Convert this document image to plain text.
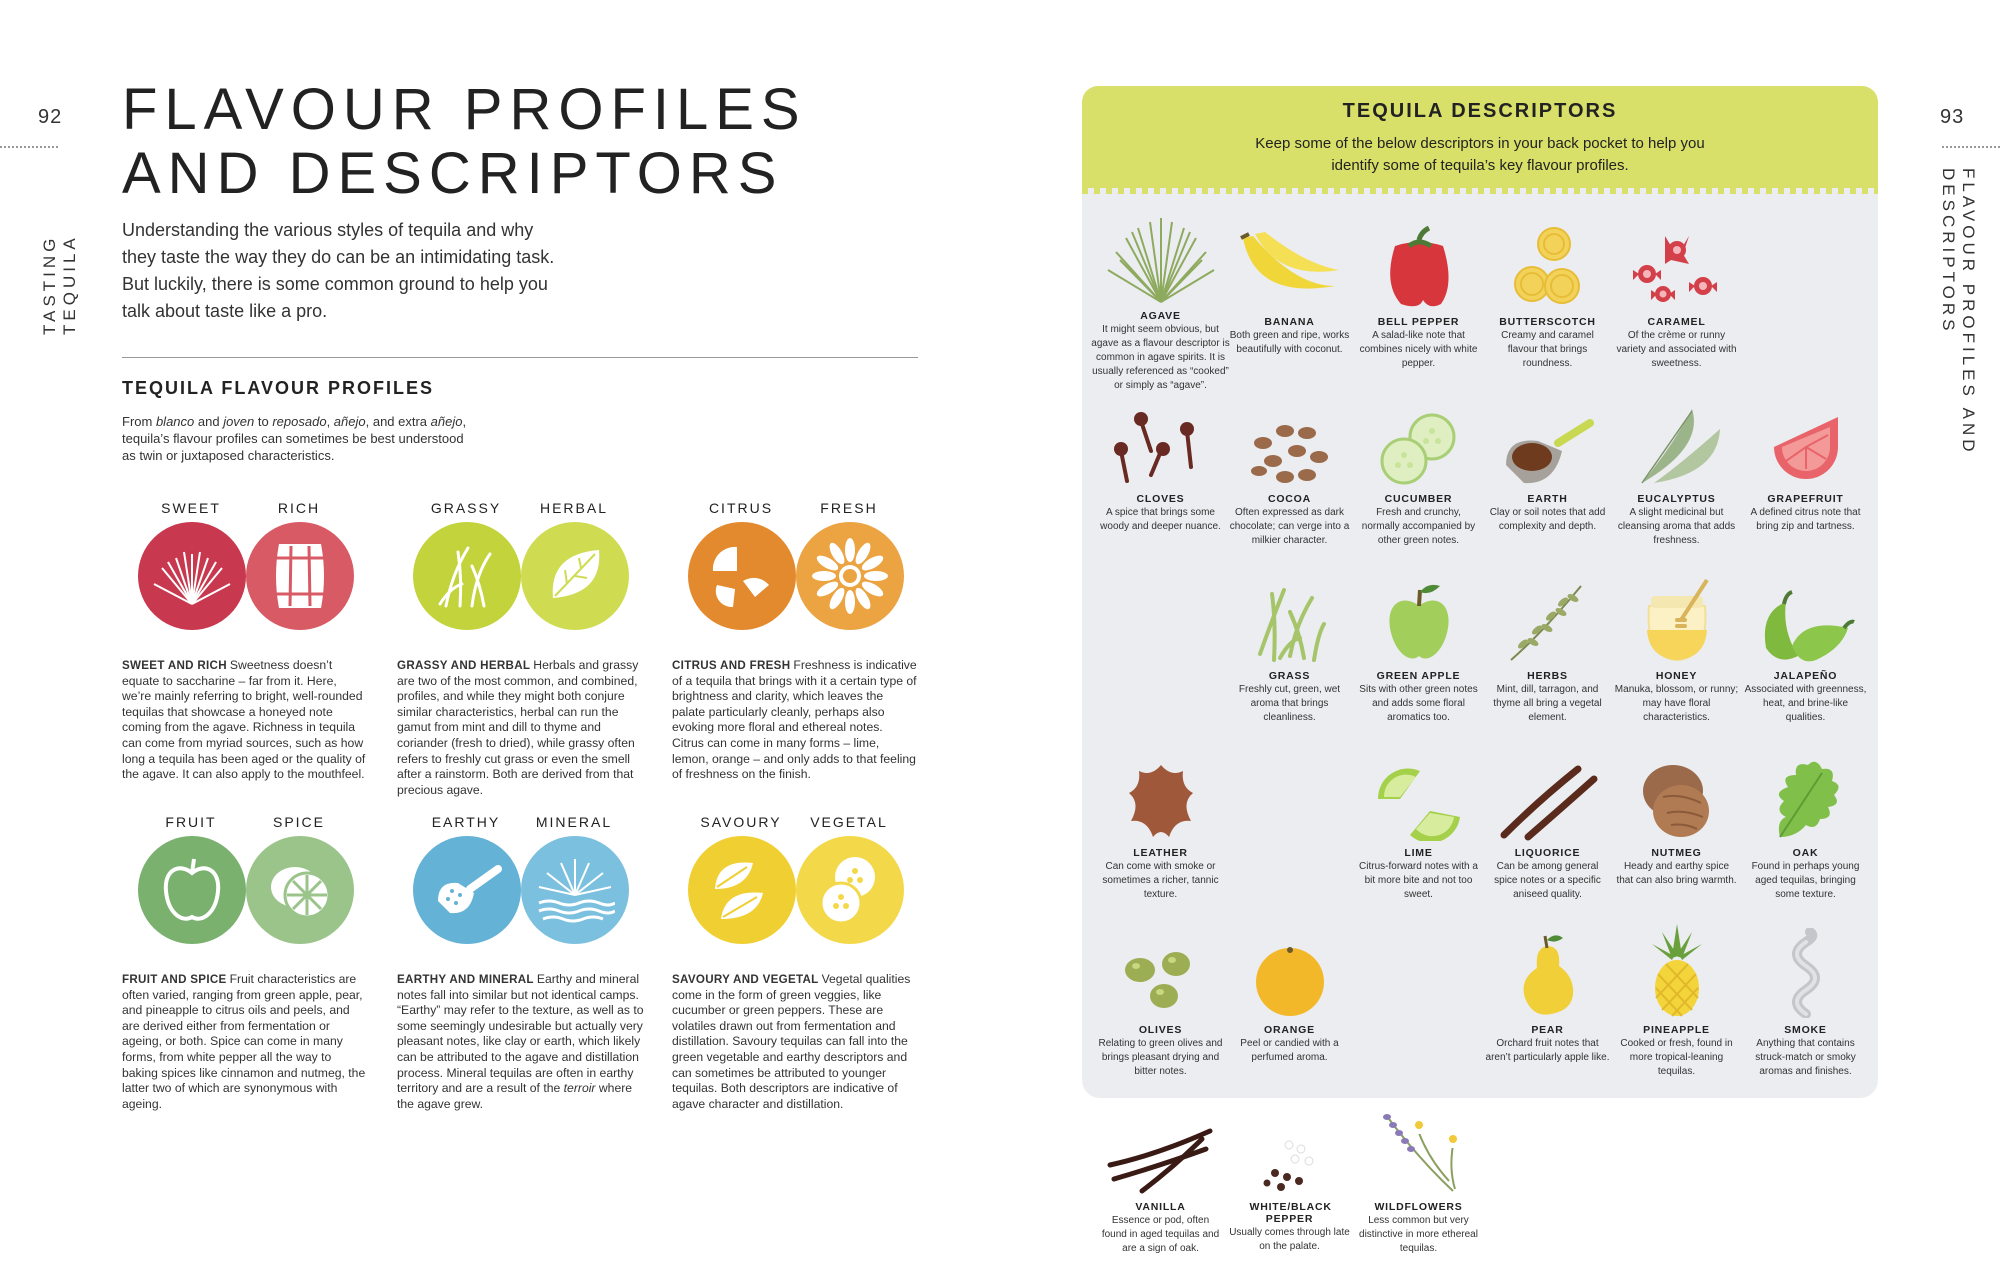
92
TASTING TEQUILA
FLAVOUR PROFILES
AND DESCRIPTORS
Understanding the various styles of tequila and why they taste the way they do can be an intimidating task. But luckily, there is some common ground to help you talk about taste like a pro.
TEQUILA FLAVOUR PROFILES
From blanco and joven to reposado, añejo, and extra añejo, tequila’s flavour profiles can sometimes be best understood as twin or juxtaposed characteristics.
SWEET	RICH
SWEET AND RICH Sweetness doesn’t equate to saccharine – far from it. Here, we’re mainly referring to bright, well-rounded tequilas that showcase a honeyed note coming from the agave. Richness in tequila can come from myriad sources, such as how long a tequila has been aged or the quality of the agave. It can also apply to the mouthfeel.
GRASSY	HERBAL
GRASSY AND HERBAL Herbals and grassy are two of the most common, and combined, profiles, and while they might both conjure similar characteristics, herbal can run the gamut from mint and dill to thyme and coriander (fresh to dried), while grassy often refers to freshly cut grass or even the smell after a rainstorm. Both are derived from that precious agave.
CITRUS	FRESH
CITRUS AND FRESH Freshness is indicative of a tequila that brings with it a certain type of brightness and clarity, which leaves the palate particularly cleanly, perhaps also evoking more floral and ethereal notes. Citrus can come in many forms – lime, lemon, orange – and only adds to that feeling of freshness on the finish.
FRUIT	SPICE
FRUIT AND SPICE Fruit characteristics are often varied, ranging from green apple, pear, and pineapple to citrus oils and peels, and are derived either from fermentation or ageing, or both. Spice can come in many forms, from white pepper all the way to baking spices like cinnamon and nutmeg, the latter two of which are synonymous with ageing.
EARTHY	MINERAL
EARTHY AND MINERAL Earthy and mineral notes fall into similar but not identical camps. “Earthy” may refer to the texture, as well as to some seemingly undesirable but actually very pleasant notes, like clay or earth, which likely can be attributed to the agave and distillation process. Mineral tequilas are often in earthy territory and are a result of the terroir where the agave grew.
SAVOURY	VEGETAL
SAVOURY AND VEGETAL Vegetal qualities come in the form of green veggies, like cucumber or green peppers. These are volatiles drawn out from fermentation and distillation. Savoury tequilas can fall into the green vegetable and earthy descriptors and can sometimes be attributed to younger tequilas. Both descriptors are indicative of agave character and distillation.
93
FLAVOUR PROFILES AND DESCRIPTORS
TEQUILA DESCRIPTORS
Keep some of the below descriptors in your back pocket to help you identify some of tequila’s key flavour profiles.
AGAVE
It might seem obvious, but agave as a flavour descriptor is common in agave spirits. It is usually referenced as “cooked” or simply as “agave”.
BANANA
Both green and ripe, works beautifully with coconut.
BELL PEPPER
A salad-like note that combines nicely with white pepper.
BUTTERSCOTCH
Creamy and caramel flavour that brings roundness.
CARAMEL
Of the crème or runny variety and associated with sweetness.
CLOVES
A spice that brings some woody and deeper nuance.
COCOA
Often expressed as dark chocolate; can verge into a milkier character.
CUCUMBER
Fresh and crunchy, normally accompanied by other green notes.
EARTH
Clay or soil notes that add complexity and depth.
EUCALYPTUS
A slight medicinal but cleansing aroma that adds freshness.
GRAPEFRUIT
A defined citrus note that bring zip and tartness.
GRASS
Freshly cut, green, wet aroma that brings cleanliness.
GREEN APPLE
Sits with other green notes and adds some floral aromatics too.
HERBS
Mint, dill, tarragon, and thyme all bring a vegetal element.
HONEY
Manuka, blossom, or runny; may have floral characteristics.
JALAPEÑO
Associated with greenness, heat, and brine-like qualities.
LEATHER
Can come with smoke or sometimes a richer, tannic texture.
LIME
Citrus-forward notes with a bit more bite and not too sweet.
LIQUORICE
Can be among general spice notes or a specific aniseed quality.
NUTMEG
Heady and earthy spice that can also bring warmth.
OAK
Found in perhaps young aged tequilas, bringing some texture.
OLIVES
Relating to green olives and brings pleasant drying and bitter notes.
ORANGE
Peel or candied with a perfumed aroma.
PEAR
Orchard fruit notes that aren’t particularly apple like.
PINEAPPLE
Cooked or fresh, found in more tropical-leaning tequilas.
SMOKE
Anything that contains struck-match or smoky aromas and finishes.
VANILLA
Essence or pod, often found in aged tequilas and are a sign of oak.
WHITE/BLACK PEPPER
Usually comes through late on the palate.
WILDFLOWERS
Less common but very distinctive in more ethereal tequilas.
